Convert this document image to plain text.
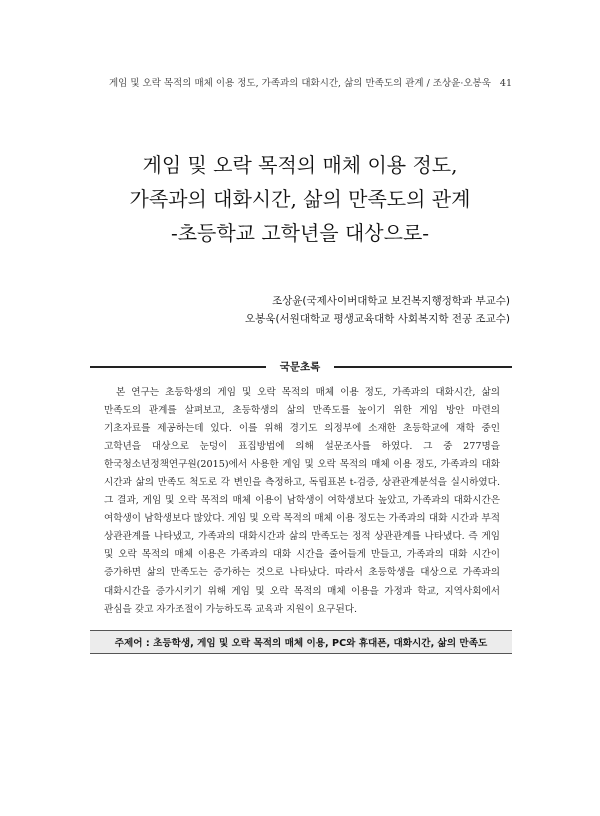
게임 및 오락 목적의 매체 이용 정도, 가족과의 대화시간, 삶의 만족도의 관계 / 조상윤·오봉욱 41
게임 및 오락 목적의 매체 이용 정도,
가족과의 대화시간, 삶의 만족도의 관계
-초등학교 고학년을 대상으로-
조상윤(국제사이버대학교 보건복지행정학과 부교수)
오봉욱(서원대학교 평생교육대학 사회복지학 전공 조교수)
국문초록
본 연구는 초등학생의 게임 및 오락 목적의 매체 이용 정도, 가족과의 대화시간, 삶의 만족도의 관계를 살펴보고, 초등학생의 삶의 만족도를 높이기 위한 게임 방안 마련의 기초자료를 제공하는데 있다. 이를 위해 경기도 의정부에 소재한 초등학교에 재학 중인 고학년을 대상으로 눈덩이 표집방법에 의해 설문조사를 하였다. 그 중 277명을 한국청소년정책연구원(2015)에서 사용한 게임 및 오락 목적의 매체 이용 정도, 가족과의 대화 시간과 삶의 만족도 척도로 각 변인을 측정하고, 독립표본 t-검증, 상관관계분석을 실시하였다. 그 결과, 게임 및 오락 목적의 매체 이용이 남학생이 여학생보다 높았고, 가족과의 대화시간은 여학생이 남학생보다 많았다. 게임 및 오락 목적의 매체 이용 정도는 가족과의 대화 시간과 부적 상관관계를 나타냈고, 가족과의 대화시간과 삶의 만족도는 정적 상관관계를 나타냈다. 즉 게임 및 오락 목적의 매체 이용은 가족과의 대화 시간을 줄어들게 만들고, 가족과의 대화 시간이 증가하면 삶의 만족도는 증가하는 것으로 나타났다. 따라서 초등학생을 대상으로 가족과의 대화시간을 증가시키기 위해 게임 및 오락 목적의 매체 이용을 가정과 학교, 지역사회에서 관심을 갖고 자가조절이 가능하도록 교육과 지원이 요구된다.
주제어 : 초등학생, 게임 및 오락 목적의 매체 이용, PC와 휴대폰, 대화시간, 삶의 만족도
